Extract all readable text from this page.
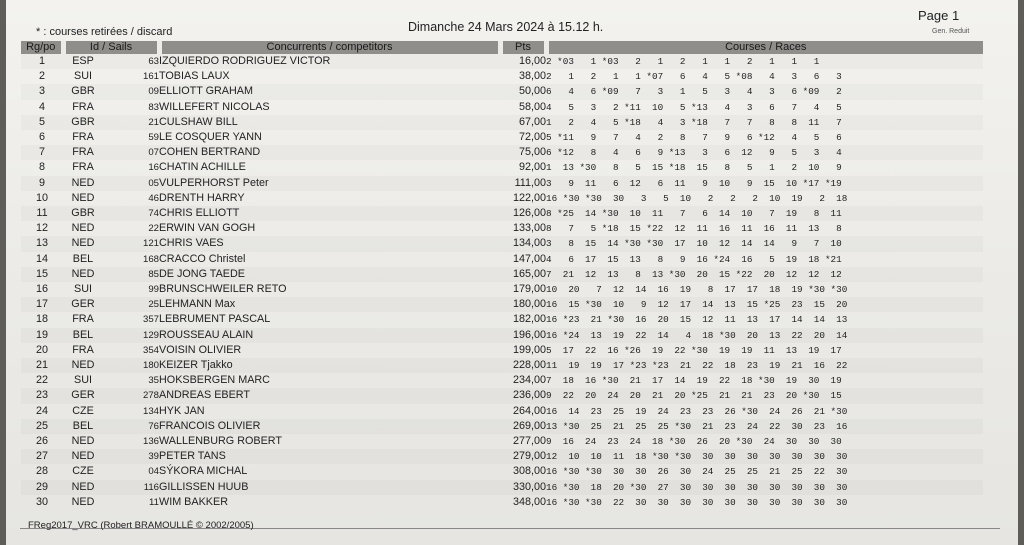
* : courses retirées / discard	Dimanche 24 Mars 2024 à 15.12 h.
Page 1
Gen. Reduit
Rg/po	Id / Sails		Concurrents / competitors	Pts	Courses / Races
1	ESP	63	IZQUIERDO RODRIGUEZ VICTOR	16,00	2 *03   1 *03   2   1   2   1   1   2   1   1   1
2	SUI	161	TOBIAS LAUX	38,00	2   1   2   1   1 *07   6   4   5 *08   4   3   6   3
3	GBR	09	ELLIOTT GRAHAM	50,00	6   4   6 *09   7   3   1   5   3   4   3   6 *09   2
4	FRA	83	WILLEFERT NICOLAS	58,00	4   5   3   2 *11  10   5 *13   4   3   6   7   4   5
5	GBR	21	CULSHAW BILL	67,00	1   2   4   5 *18   4   3 *18   7   7   8   8  11   7
6	FRA	59	LE COSQUER YANN	72,00	5 *11   9   7   4   2   8   7   9   6 *12   4   5   6
7	FRA	07	COHEN BERTRAND	75,00	6 *12   8   4   6   9 *13   3   6  12   9   5   3   4
8	FRA	16	CHATIN ACHILLE	92,00	1  13 *30   8   5  15 *18  15   8   5   1   2  10   9
9	NED	05	VULPERHORST Peter	111,00	3   9  11   6  12   6  11   9  10   9  15  10 *17 *19
10	NED	46	DRENTH HARRY	122,00	16 *30 *30  30   3   5  10   2   2   2  10  19   2  18
11	GBR	74	CHRIS ELLIOTT	126,00	8 *25  14 *30  10  11   7   6  14  10   7  19   8  11
12	NED	22	ERWIN VAN GOGH	133,00	8   7   5 *18  15 *22  12  11  16  11  16  11  13   8
13	NED	121	CHRIS VAES	134,00	3   8  15  14 *30 *30  17  10  12  14  14   9   7  10
14	BEL	168	CRACCO Christel	147,00	4   6  17  15  13   8   9  16 *24  16   5  19  18 *21
15	NED	85	DE JONG TAEDE	165,00	7  21  12  13   8  13 *30  20  15 *22  20  12  12  12
16	SUI	99	BRUNSCHWEILER RETO	179,00	10  20   7  12  14  16  19   8  17  17  18  19 *30 *30
17	GER	25	LEHMANN Max	180,00	16  15 *30  10   9  12  17  14  13  15 *25  23  15  20
18	FRA	357	LEBRUMENT PASCAL	182,00	16 *23  21 *30  16  20  15  12  11  13  17  14  14  13
19	BEL	129	ROUSSEAU ALAIN	196,00	16 *24  13  19  22  14   4  18 *30  20  13  22  20  14
20	FRA	354	VOISIN OLIVIER	199,00	5  17  22  16 *26  19  22 *30  19  19  11  13  19  17
21	NED	180	KEIZER Tjakko	228,00	11  19  19  17 *23 *23  21  22  18  23  19  21  16  22
22	SUI	35	HOKSBERGEN MARC	234,00	7  18  16 *30  21  17  14  19  22  18 *30  19  30  19
23	GER	278	ANDREAS EBERT	236,00	9  22  20  24  20  21  20 *25  21  21  23  20 *30  15
24	CZE	134	HYK JAN	264,00	16  14  23  25  19  24  23  23  26 *30  24  26  21 *30
25	BEL	76	FRANCOIS OLIVIER	269,00	13 *30  25  21  25  25 *30  21  23  24  22  30  23  16
26	NED	136	WALLENBURG ROBERT	277,00	9  16  24  23  24  18 *30  26  20 *30  24  30  30  30
27	NED	39	PETER TANS	279,00	12  10  10  11  18 *30 *30  30  30  30  30  30  30  30
28	CZE	04	SÝKORA MICHAL	308,00	16 *30 *30  30  30  26  30  24  25  25  21  25  22  30
29	NED	116	GILLISSEN HUUB	330,00	16 *30  18  20 *30  27  30  30  30  30  30  30  30  30
30	NED	11	WIM BAKKER	348,00	16 *30 *30  22  30  30  30  30  30  30  30  30  30  30
FReg2017_VRC (Robert BRAMOULLÉ © 2002/2005)
